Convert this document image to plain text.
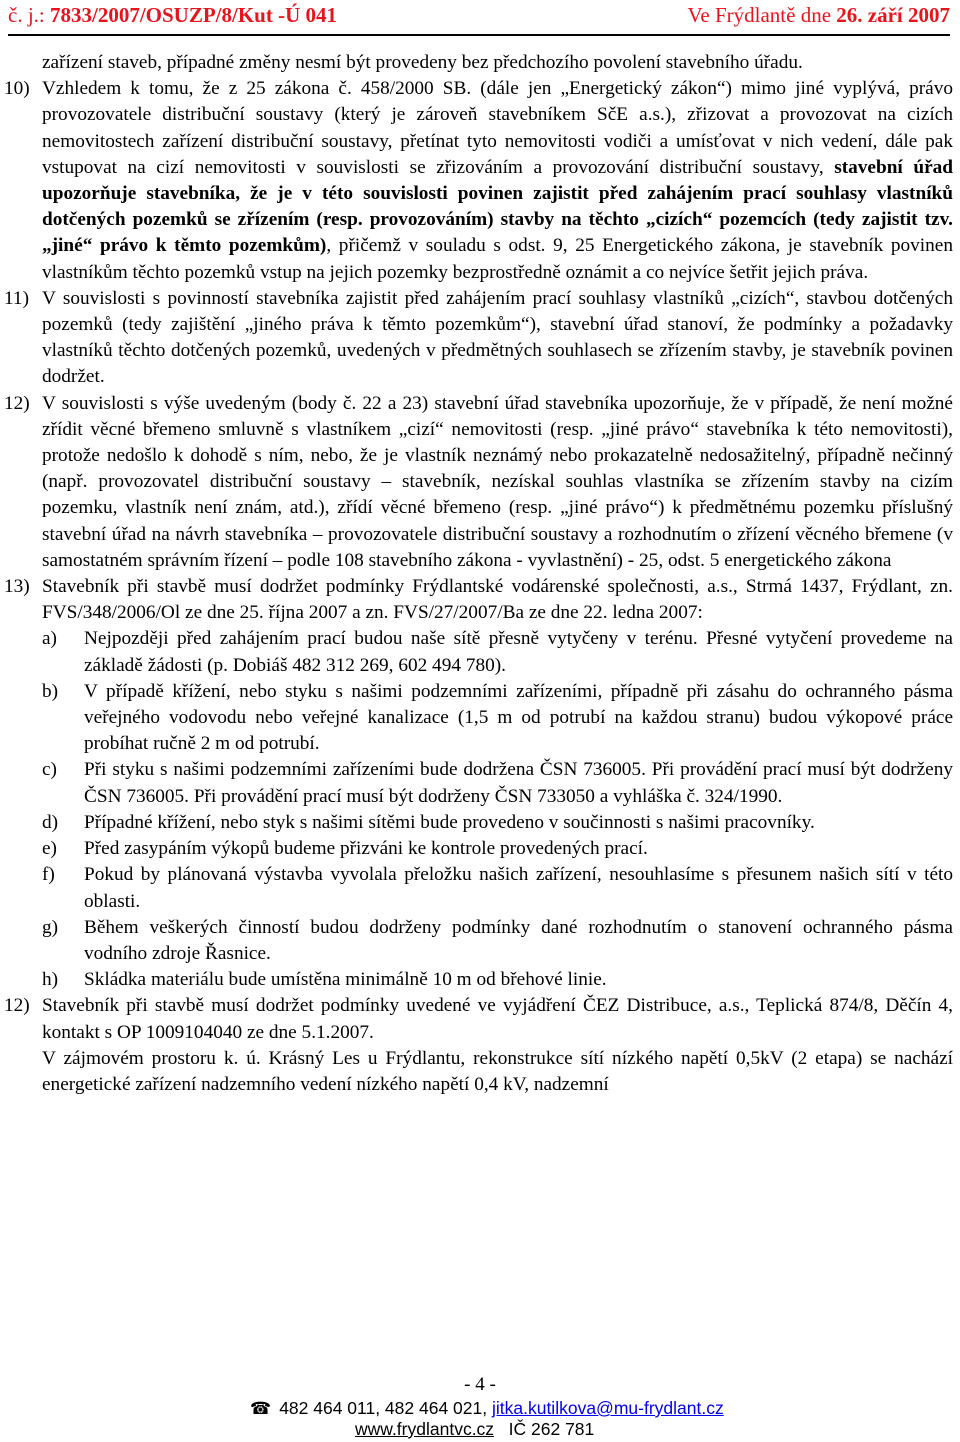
č. j.: 7833/2007/OSUZP/8/Kut -Ú 041	Ve Frýdlantě dne 26. září 2007
zařízení staveb, případné změny nesmí být provedeny bez předchozího povolení stavebního úřadu.
10) Vzhledem k tomu, že z 25 zákona č. 458/2000 SB. (dále jen „Energetický zákon“) mimo jiné vyplývá, právo provozovatele distribuční soustavy (který je zároveň stavebníkem SčE a.s.), zřizovat a provozovat na cizích nemovitostech zařízení distribuční soustavy, přetínat tyto nemovitosti vodiči a umísťovat v nich vedení, dále pak vstupovat na cizí nemovitosti v souvislosti se zřizováním a provozování distribuční soustavy, stavební úřad upozorňuje stavebníka, že je v této souvislosti povinen zajistit před zahájením prací souhlasy vlastníků dotčených pozemků se zřízením (resp. provozováním) stavby na těchto „cizích“ pozemcích (tedy zajistit tzv. „jiné“ právo k těmto pozemkům), přičemž v souladu s odst. 9, 25 Energetického zákona, je stavebník povinen vlastníkům těchto pozemků vstup na jejich pozemky bezprostředně oznámit a co nejvíce šetřit jejich práva.
11) V souvislosti s povinností stavebníka zajistit před zahájením prací souhlasy vlastníků „cizích“, stavbou dotčených pozemků (tedy zajištění „jiného práva k těmto pozemkům“), stavební úřad stanoví, že podmínky a požadavky vlastníků těchto dotčených pozemků, uvedených v předmětných souhlasech se zřízením stavby, je stavebník povinen dodržet.
12) V souvislosti s výše uvedeným (body č. 22 a 23) stavební úřad stavebníka upozorňuje, že v případě, že není možné zřídit věcné břemeno smluvně s vlastníkem „cizí“ nemovitosti (resp. „jiné právo“ stavebníka k této nemovitosti), protože nedošlo k dohodě s ním, nebo, že je vlastník neznámý nebo prokazatelně nedosažitelný, případně nečinný (např. provozovatel distribuční soustavy – stavebník, nezískal souhlas vlastníka se zřízením stavby na cizím pozemku, vlastník není znám, atd.), zřídí věcné břemeno (resp. „jiné právo“) k předmětnému pozemku příslušný stavební úřad na návrh stavebníka – provozovatele distribuční soustavy a rozhodnutím o zřízení věcného břemene (v samostatném správním řízení – podle 108 stavebního zákona - vyvlastnění) - 25, odst. 5 energetického zákona
13) Stavebník při stavbě musí dodržet podmínky Frýdlantské vodárenské společnosti, a.s., Strmá 1437, Frýdlant, zn. FVS/348/2006/Ol ze dne 25. října 2007 a zn. FVS/27/2007/Ba ze dne 22. ledna 2007:
a) Nejpozději před zahájením prací budou naše sítě přesně vytyčeny v terénu. Přesné vytyčení provedeme na základě žádosti (p. Dobiáš 482 312 269, 602 494 780).
b) V případě křížení, nebo styku s našimi podzemními zařízeními, případně při zásahu do ochranného pásma veřejného vodovodu nebo veřejné kanalizace (1,5 m od potrubí na každou stranu) budou výkopové práce probíhat ručně 2 m od potrubí.
c) Při styku s našimi podzemními zařízeními bude dodržena ČSN 736005. Při provádění prací musí být dodrženy ČSN 736005. Při provádění prací musí být dodrženy ČSN 733050 a vyhláška č. 324/1990.
d) Případné křížení, nebo styk s našimi sítěmi bude provedeno v součinnosti s našimi pracovníky.
e) Před zasypáním výkopů budeme přizváni ke kontrole provedených prací.
f) Pokud by plánovaná výstavba vyvolala přeložku našich zařízení, nesouhlasíme s přesunem našich sítí v této oblasti.
g) Během veškerých činností budou dodrženy podmínky dané rozhodnutím o stanovení ochranného pásma vodního zdroje Řasnice.
h) Skládka materiálu bude umístěna minimálně 10 m od břehové linie.
12) Stavebník při stavbě musí dodržet podmínky uvedené ve vyjádření ČEZ Distribuce, a.s., Teplická 874/8, Děčín 4, kontakt s OP 1009104040 ze dne 5.1.2007.
V zájmovém prostoru k. ú. Krásný Les u Frýdlantu, rekonstrukce sítí nízkého napětí 0,5kV (2 etapa) se nachází energetické zařízení nadzemního vedení nízkého napětí 0,4 kV, nadzemní
- 4 -
☎ 482 464 011, 482 464 021, jitka.kutilkova@mu-frydlant.cz
www.frydlantvc.cz IČ 262 781
